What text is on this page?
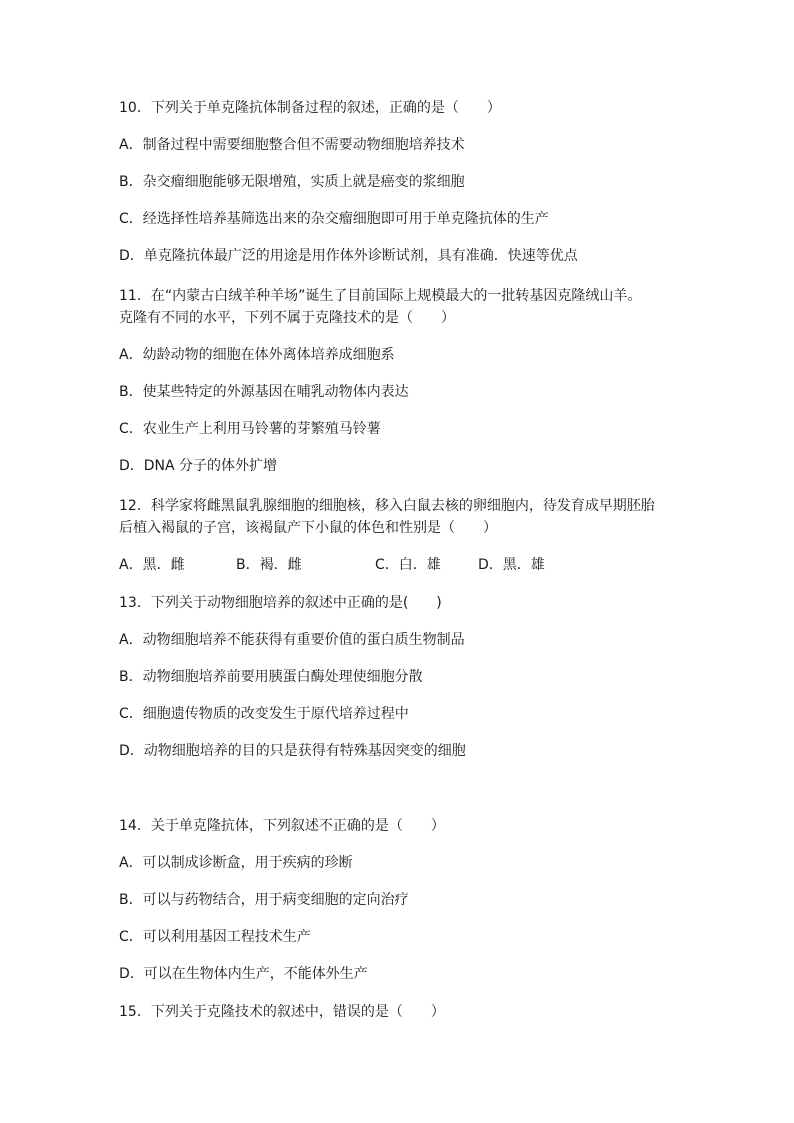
10．下列关于单克隆抗体制备过程的叙述，正确的是（　　）
A．制备过程中需要细胞整合但不需要动物细胞培养技术
B．杂交瘤细胞能够无限增殖，实质上就是癌变的浆细胞
C．经选择性培养基筛选出来的杂交瘤细胞即可用于单克隆抗体的生产
D．单克隆抗体最广泛的用途是用作体外诊断试剂，具有准确．快速等优点
11．在“内蒙古白绒羊种羊场”诞生了目前国际上规模最大的一批转基因克隆绒山羊。
克隆有不同的水平，下列不属于克隆技术的是（　　）
A．幼龄动物的细胞在体外离体培养成细胞系
B．使某些特定的外源基因在哺乳动物体内表达
C．农业生产上利用马铃薯的芽繁殖马铃薯
D．DNA 分子的体外扩增
12．科学家将雌黑鼠乳腺细胞的细胞核，移入白鼠去核的卵细胞内，待发育成早期胚胎
后植入褐鼠的子宫，该褐鼠产下小鼠的体色和性别是（　　）
A．黑．雌	B．褐．雌	C．白．雄	D．黑．雄
13．下列关于动物细胞培养的叙述中正确的是(　　)
A．动物细胞培养不能获得有重要价值的蛋白质生物制品
B．动物细胞培养前要用胰蛋白酶处理使细胞分散
C．细胞遗传物质的改变发生于原代培养过程中
D．动物细胞培养的目的只是获得有特殊基因突变的细胞
14．关于单克隆抗体，下列叙述不正确的是（　　）
A．可以制成诊断盒，用于疾病的珍断
B．可以与药物结合，用于病变细胞的定向治疗
C．可以利用基因工程技术生产
D．可以在生物体内生产，不能体外生产
15．下列关于克隆技术的叙述中，错误的是（　　）
